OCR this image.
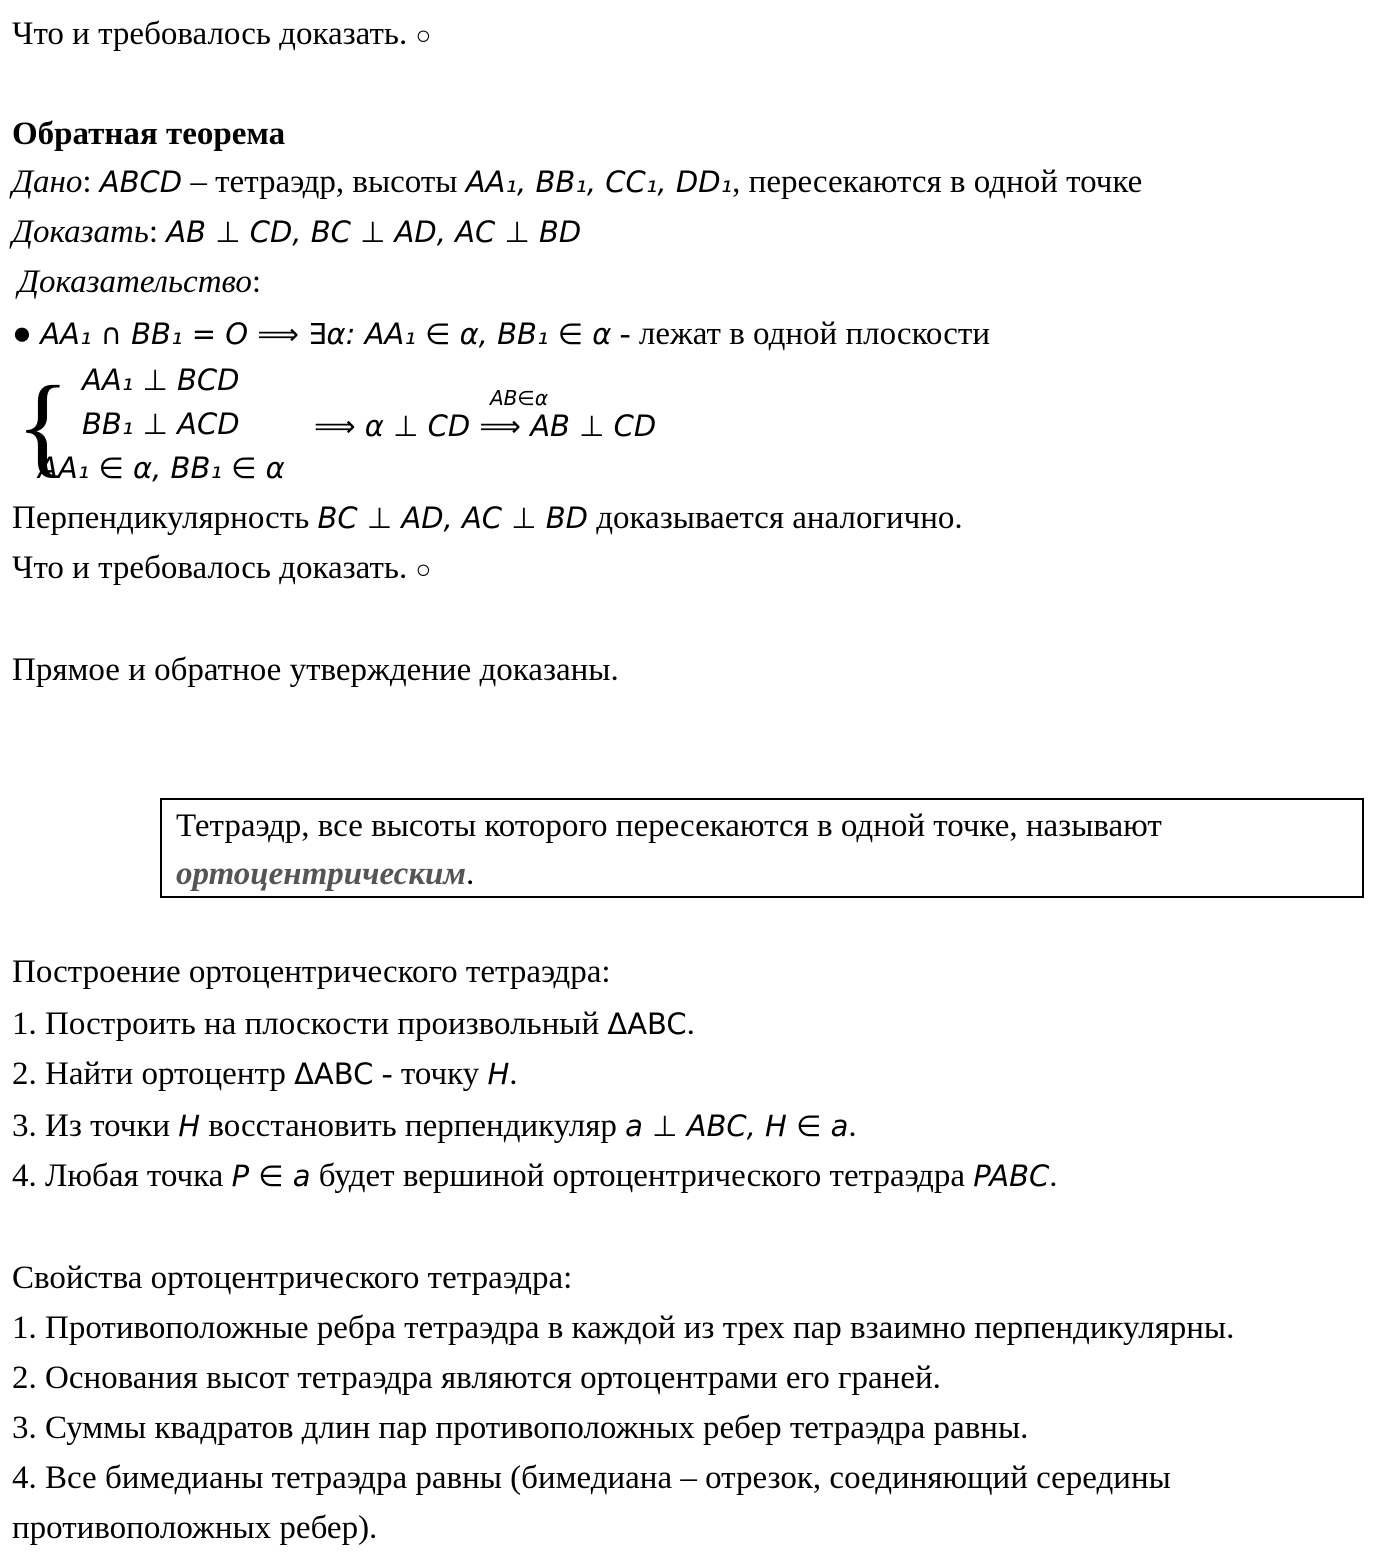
Что и требовалось доказать. ○
Обратная теорема
Дано: ABCD – тетраэдр, высоты AA₁, BB₁, CC₁, DD₁, пересекаются в одной точке
Доказать: AB ⊥ CD, BC ⊥ AD, AC ⊥ BD
Доказательство:
● AA₁ ∩ BB₁ = O ⟹ ∃α: AA₁ ∈ α, BB₁ ∈ α - лежат в одной плоскости
{ AA₁ ⊥ BCD
BB₁ ⊥ ACD
AA₁ ∈ α, BB₁ ∈ α
AB∈α
⟹ α ⊥ CD ⟹ AB ⊥ CD
Перпендикулярность BC ⊥ AD, AC ⊥ BD доказывается аналогично.
Что и требовалось доказать. ○
Прямое и обратное утверждение доказаны.
Тетраэдр, все высоты которого пересекаются в одной точке, называют
ортоцентрическим.
Построение ортоцентрического тетраэдра:
1. Построить на плоскости произвольный ΔABC.
2. Найти ортоцентр ΔABC - точку H.
3. Из точки H восстановить перпендикуляр a ⊥ ABC, H ∈ a.
4. Любая точка P ∈ a будет вершиной ортоцентрического тетраэдра PABC.
Свойства ортоцентрического тетраэдра:
1. Противоположные ребра тетраэдра в каждой из трех пар взаимно перпендикулярны.
2. Основания высот тетраэдра являются ортоцентрами его граней.
3. Суммы квадратов длин пар противоположных ребер тетраэдра равны.
4. Все бимедианы тетраэдра равны (бимедиана – отрезок, соединяющий середины
противоположных ребер).
